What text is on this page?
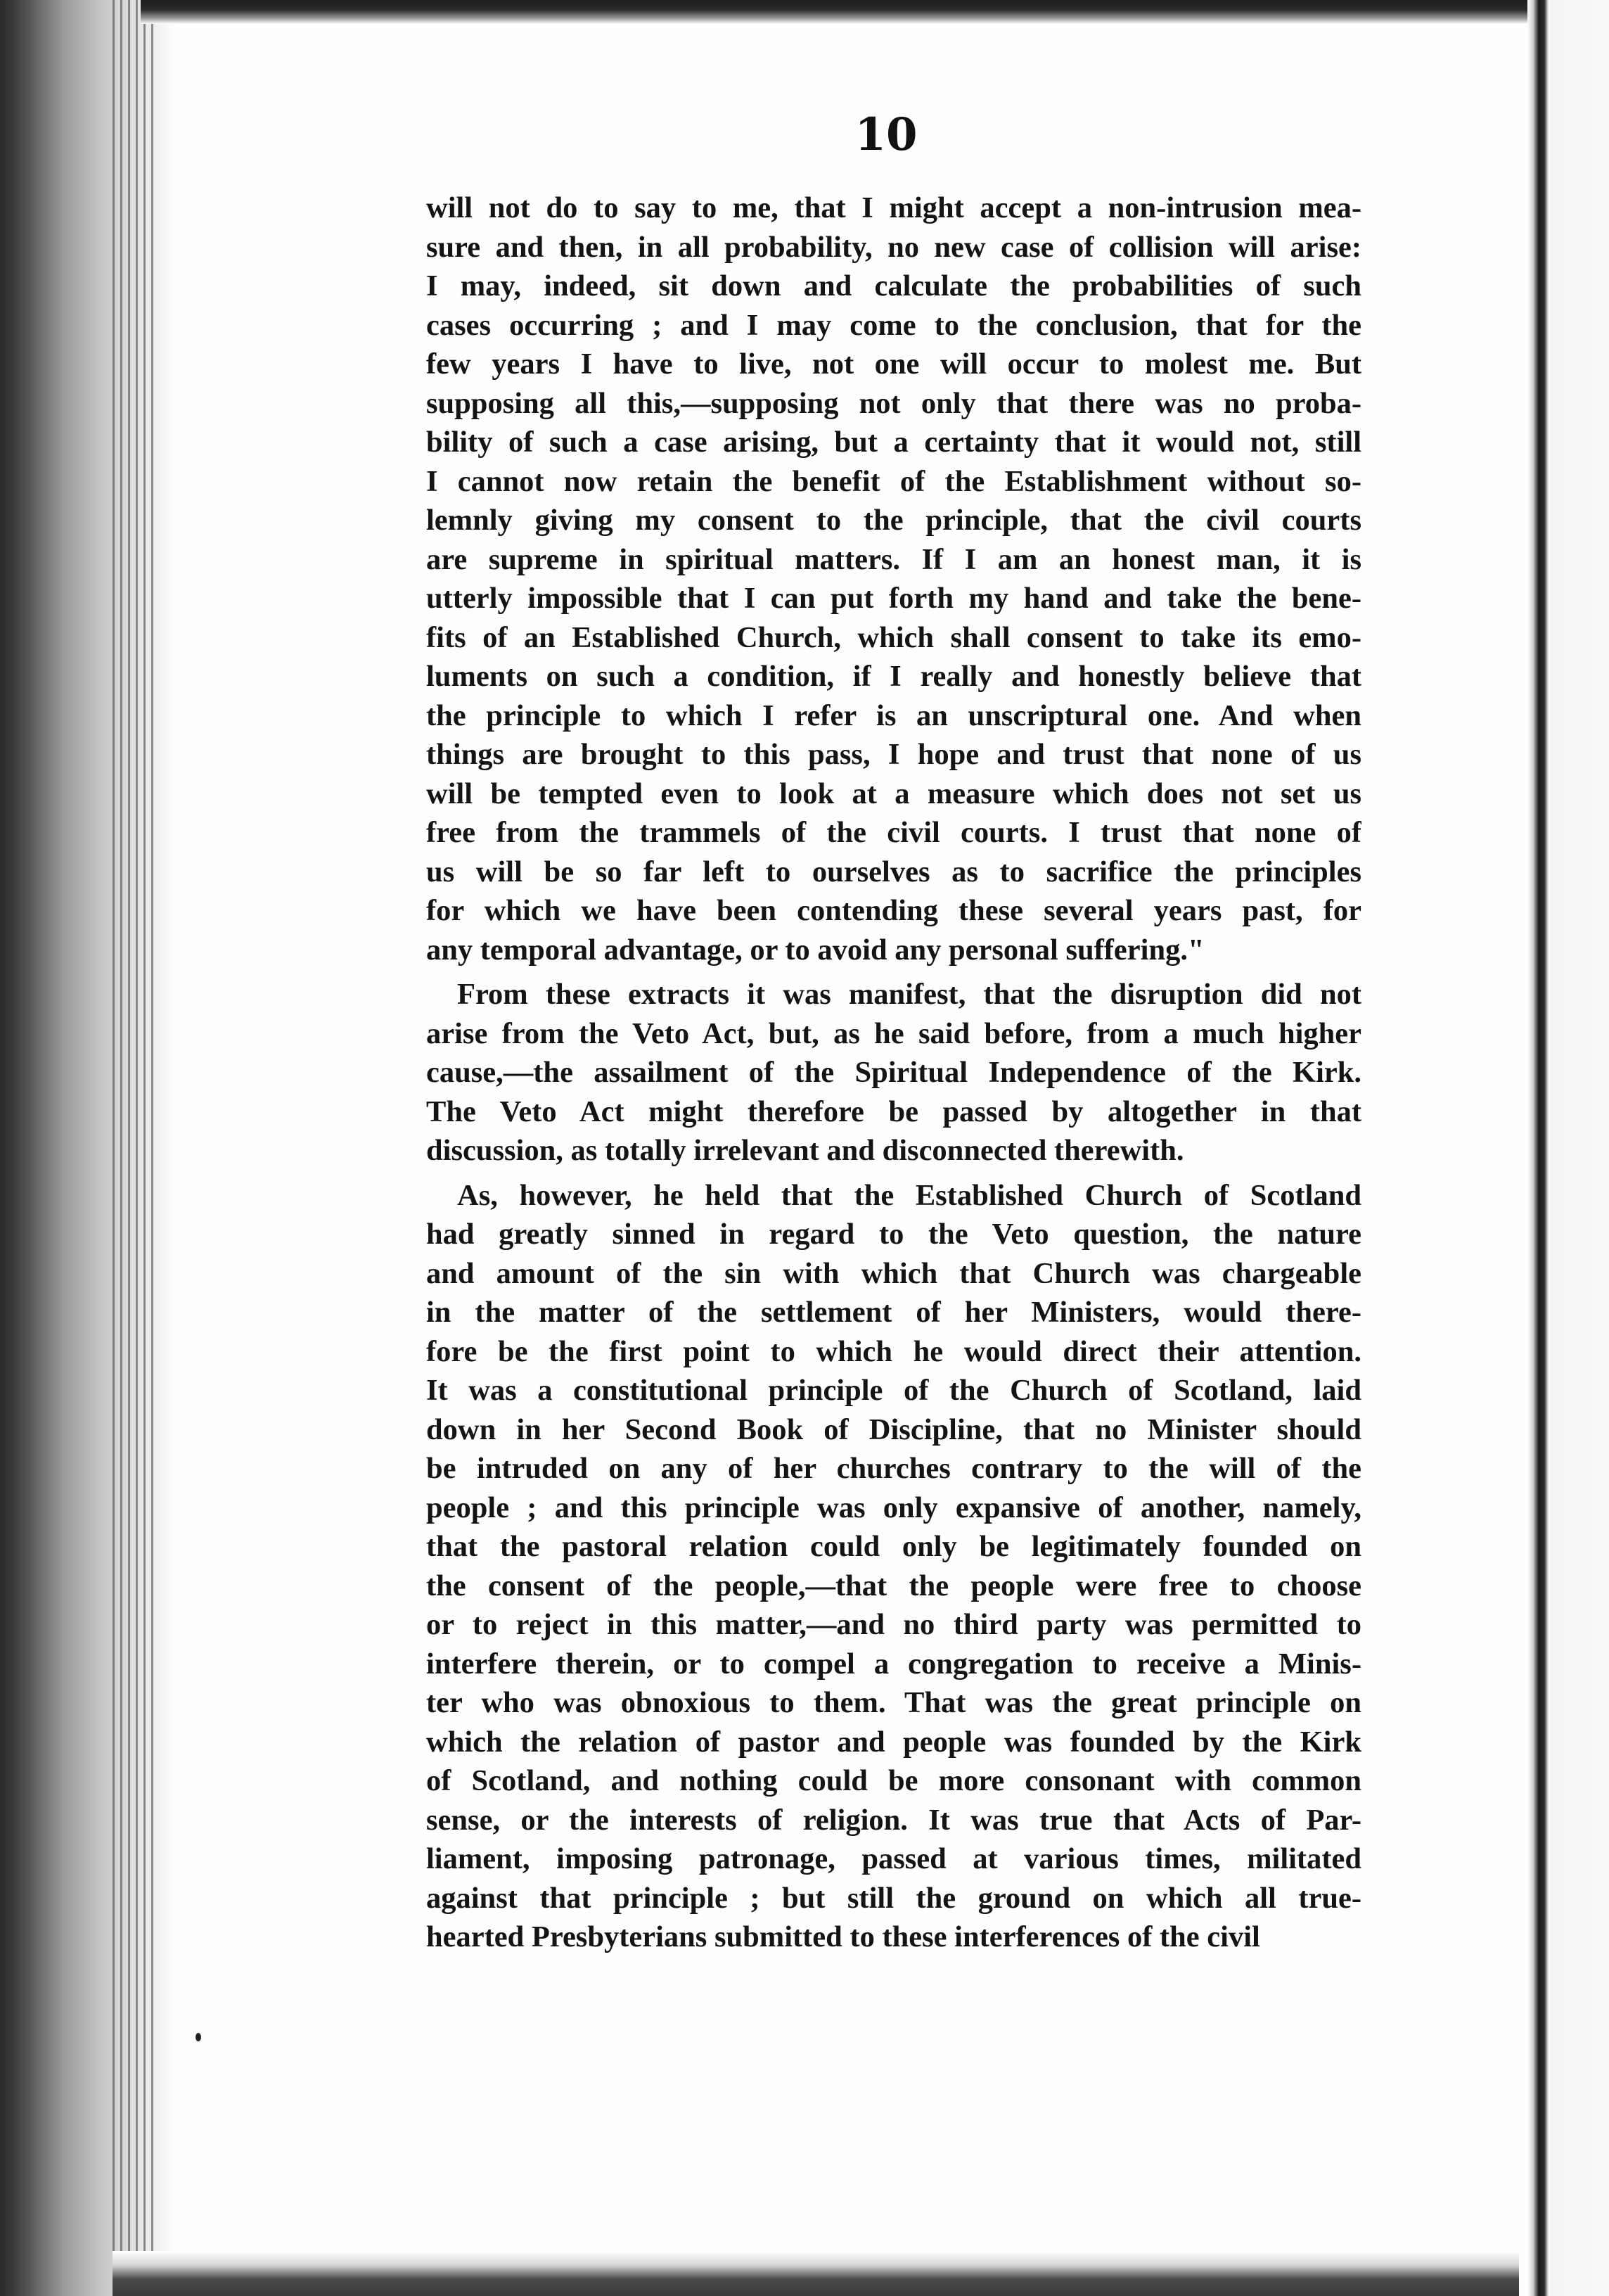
10
will not do to say to me, that I might accept a non-intrusion mea-
sure and then, in all probability, no new case of collision will arise:
I may, indeed, sit down and calculate the probabilities of such
cases occurring ; and I may come to the conclusion, that for the
few years I have to live, not one will occur to molest me. But
supposing all this,—supposing not only that there was no proba-
bility of such a case arising, but a certainty that it would not, still
I cannot now retain the benefit of the Establishment without so-
lemnly giving my consent to the principle, that the civil courts
are supreme in spiritual matters. If I am an honest man, it is
utterly impossible that I can put forth my hand and take the bene-
fits of an Established Church, which shall consent to take its emo-
luments on such a condition, if I really and honestly believe that
the principle to which I refer is an unscriptural one. And when
things are brought to this pass, I hope and trust that none of us
will be tempted even to look at a measure which does not set us
free from the trammels of the civil courts. I trust that none of
us will be so far left to ourselves as to sacrifice the principles
for which we have been contending these several years past, for
any temporal advantage, or to avoid any personal suffering."
From these extracts it was manifest, that the disruption did not
arise from the Veto Act, but, as he said before, from a much higher
cause,—the assailment of the Spiritual Independence of the Kirk.
The Veto Act might therefore be passed by altogether in that
discussion, as totally irrelevant and disconnected therewith.
As, however, he held that the Established Church of Scotland
had greatly sinned in regard to the Veto question, the nature
and amount of the sin with which that Church was chargeable
in the matter of the settlement of her Ministers, would there-
fore be the first point to which he would direct their attention.
It was a constitutional principle of the Church of Scotland, laid
down in her Second Book of Discipline, that no Minister should
be intruded on any of her churches contrary to the will of the
people ; and this principle was only expansive of another, namely,
that the pastoral relation could only be legitimately founded on
the consent of the people,—that the people were free to choose
or to reject in this matter,—and no third party was permitted to
interfere therein, or to compel a congregation to receive a Minis-
ter who was obnoxious to them. That was the great principle on
which the relation of pastor and people was founded by the Kirk
of Scotland, and nothing could be more consonant with common
sense, or the interests of religion. It was true that Acts of Par-
liament, imposing patronage, passed at various times, militated
against that principle ; but still the ground on which all true-
hearted Presbyterians submitted to these interferences of the civil
